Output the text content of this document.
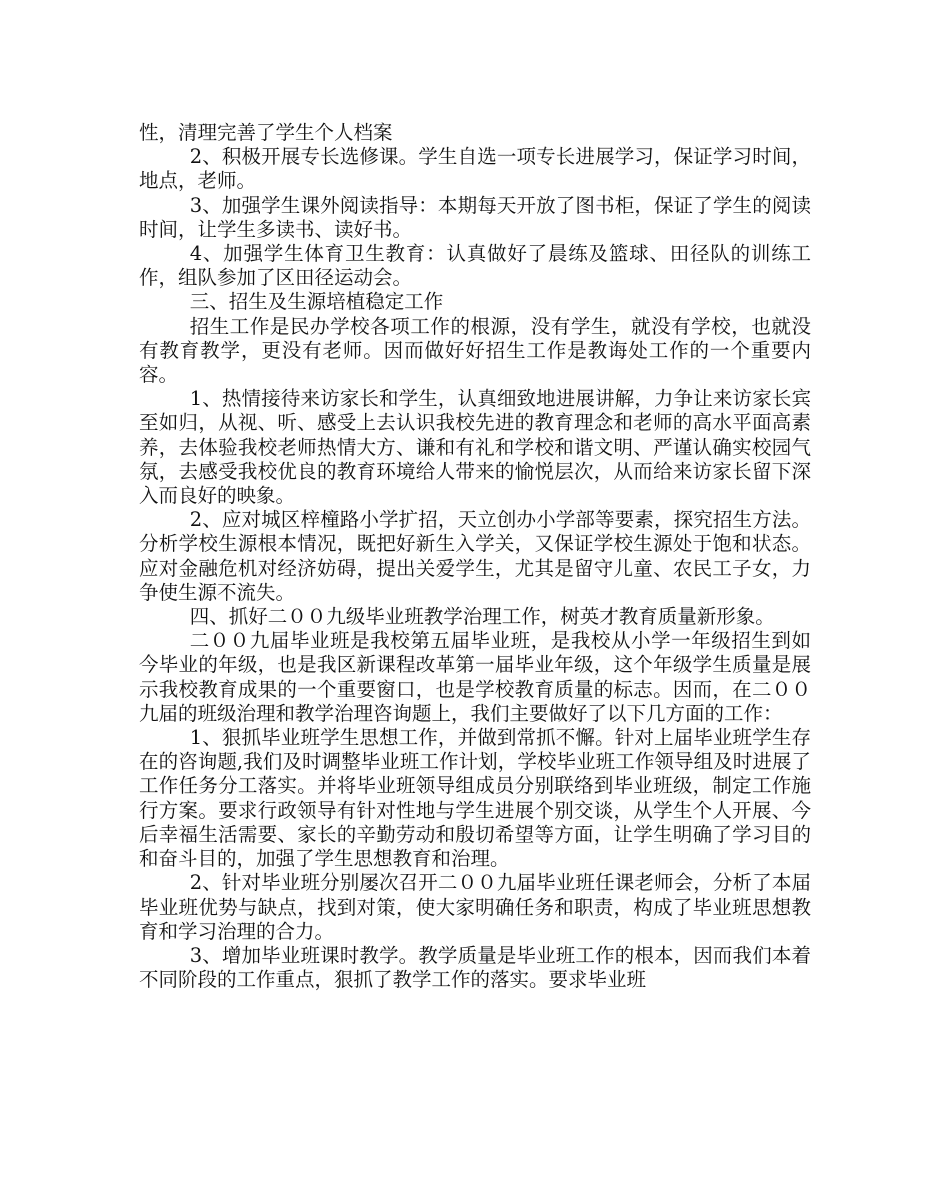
性，清理完善了学生个人档案

2、积极开展专长选修课。学生自选一项专长进展学习，保证学习时间，地点，老师。

3、加强学生课外阅读指导：本期每天开放了图书柜，保证了学生的阅读时间，让学生多读书、读好书。

4、加强学生体育卫生教育：认真做好了晨练及篮球、田径队的训练工作，组队参加了区田径运动会。

三、招生及生源培植稳定工作

招生工作是民办学校各项工作的根源，没有学生，就没有学校，也就没有教育教学，更没有老师。因而做好好招生工作是教诲处工作的一个重要内容。

1、热情接待来访家长和学生，认真细致地进展讲解，力争让来访家长宾至如归，从视、听、感受上去认识我校先进的教育理念和老师的高水平面高素养，去体验我校老师热情大方、谦和有礼和学校和谐文明、严谨认确实校园气氛，去感受我校优良的教育环境给人带来的愉悦层次，从而给来访家长留下深入而良好的映象。

2、应对城区梓橦路小学扩招，天立创办小学部等要素，探究招生方法。分析学校生源根本情况，既把好新生入学关，又保证学校生源处于饱和状态。应对金融危机对经济妨碍，提出关爱学生，尤其是留守儿童、农民工子女，力争使生源不流失。

四、抓好二００九级毕业班教学治理工作，树英才教育质量新形象。

二００九届毕业班是我校第五届毕业班，是我校从小学一年级招生到如今毕业的年级，也是我区新课程改革第一届毕业年级，这个年级学生质量是展示我校教育成果的一个重要窗口，也是学校教育质量的标志。因而，在二００九届的班级治理和教学治理咨询题上，我们主要做好了以下几方面的工作：

1、狠抓毕业班学生思想工作，并做到常抓不懈。针对上届毕业班学生存在的咨询题,我们及时调整毕业班工作计划，学校毕业班工作领导组及时进展了工作任务分工落实。并将毕业班领导组成员分别联络到毕业班级，制定工作施行方案。要求行政领导有针对性地与学生进展个别交谈，从学生个人开展、今后幸福生活需要、家长的辛勤劳动和殷切希望等方面，让学生明确了学习目的和奋斗目的，加强了学生思想教育和治理。

2、针对毕业班分别屡次召开二００九届毕业班任课老师会，分析了本届毕业班优势与缺点，找到对策，使大家明确任务和职责，构成了毕业班思想教育和学习治理的合力。

3、增加毕业班课时教学。教学质量是毕业班工作的根本，因而我们本着不同阶段的工作重点，狠抓了教学工作的落实。要求毕业班
